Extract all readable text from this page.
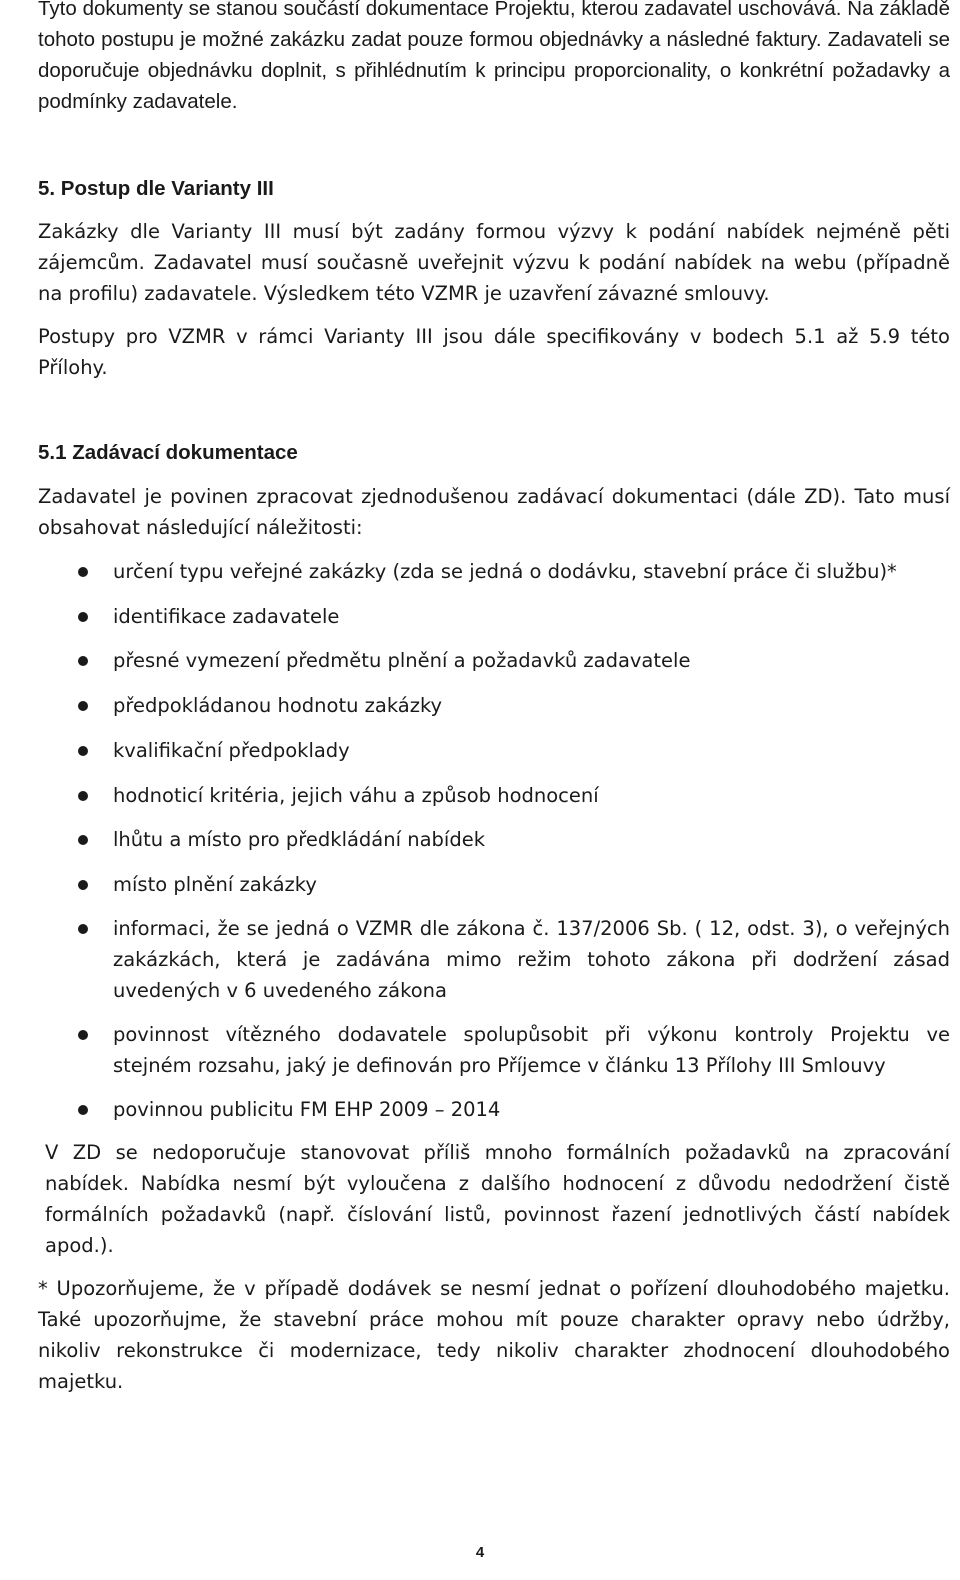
Tyto dokumenty se stanou součástí dokumentace Projektu, kterou zadavatel uschovává. Na základě tohoto postupu je možné zakázku zadat pouze formou objednávky a následné faktury. Zadavateli se doporučuje objednávku doplnit, s přihlédnutím k principu proporcionality, o konkrétní požadavky a podmínky zadavatele.
5. Postup dle Varianty III
Zakázky dle Varianty III musí být zadány formou výzvy k podání nabídek nejméně pěti zájemcům. Zadavatel musí současně uveřejnit výzvu k podání nabídek na webu (případně na profilu) zadavatele. Výsledkem této VZMR je uzavření závazné smlouvy.
Postupy pro VZMR v rámci Varianty III jsou dále specifikovány v bodech 5.1 až 5.9 této Přílohy.
5.1 Zadávací dokumentace
Zadavatel je povinen zpracovat zjednodušenou zadávací dokumentaci (dále ZD). Tato musí obsahovat následující náležitosti:
určení typu veřejné zakázky (zda se jedná o dodávku, stavební práce či službu)*
identifikace zadavatele
přesné vymezení předmětu plnění a požadavků zadavatele
předpokládanou hodnotu zakázky
kvalifikační předpoklady
hodnoticí kritéria, jejich váhu a způsob hodnocení
lhůtu a místo pro předkládání nabídek
místo plnění zakázky
informaci, že se jedná o VZMR dle zákona č. 137/2006 Sb. ( 12, odst. 3), o veřejných zakázkách, která je zadávána mimo režim tohoto zákona při dodržení zásad uvedených v 6 uvedeného zákona
povinnost vítězného dodavatele spolupůsobit při výkonu kontroly Projektu ve stejném rozsahu, jaký je definován pro Příjemce v článku 13 Přílohy III Smlouvy
povinnou publicitu FM EHP 2009 – 2014
V ZD se nedoporučuje stanovovat příliš mnoho formálních požadavků na zpracování nabídek. Nabídka nesmí být vyloučena z dalšího hodnocení z důvodu nedodržení čistě formálních požadavků (např. číslování listů, povinnost řazení jednotlivých částí nabídek apod.).
* Upozorňujeme, že v případě dodávek se nesmí jednat o pořízení dlouhodobého majetku. Také upozorňujme, že stavební práce mohou mít pouze charakter opravy nebo údržby, nikoliv rekonstrukce či modernizace, tedy nikoliv charakter zhodnocení dlouhodobého majetku.
4
